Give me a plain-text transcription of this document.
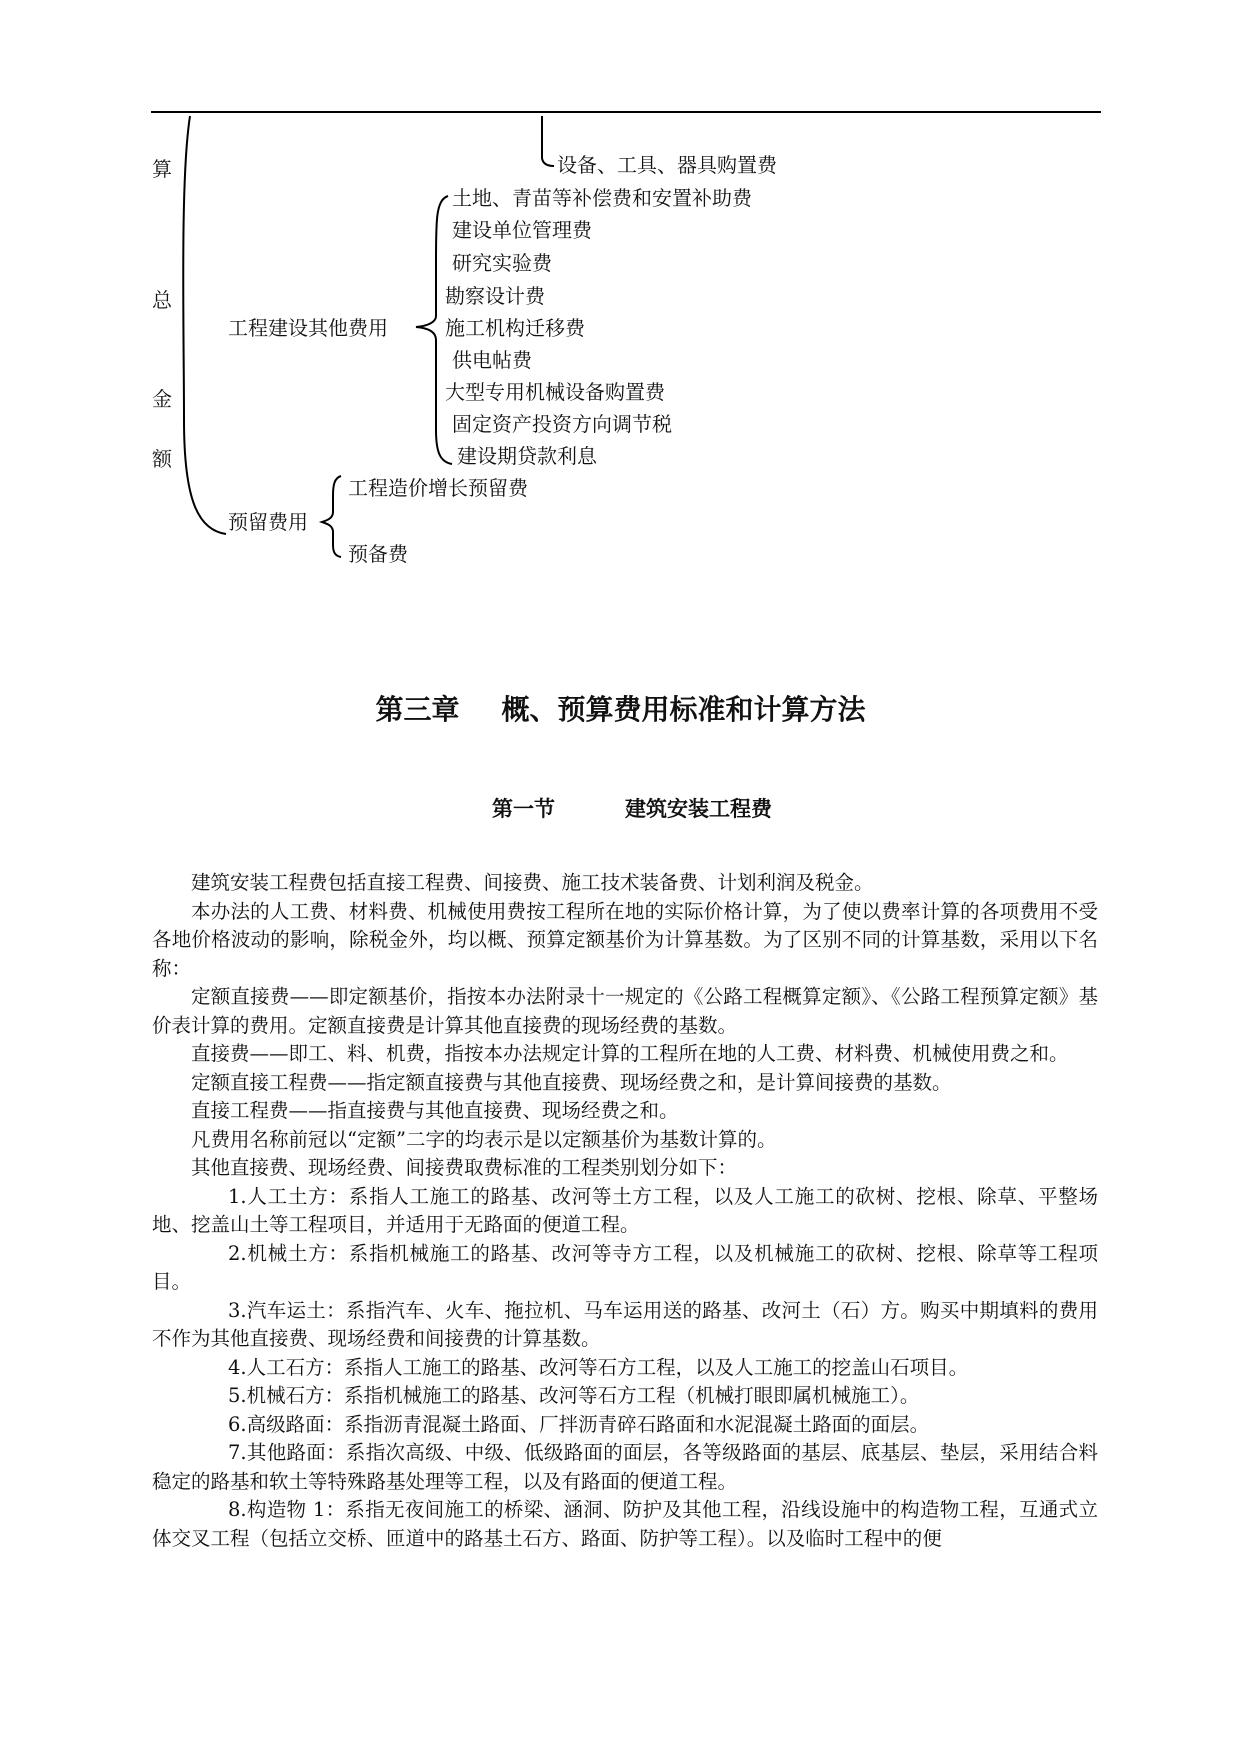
算
总
金
额
设备、工具、器具购置费
工程建设其他费用
土地、青苗等补偿费和安置补助费
建设单位管理费
研究实验费
勘察设计费
施工机构迁移费
供电帖费
大型专用机械设备购置费
固定资产投资方向调节税
建设期贷款利息
预留费用
工程造价增长预留费
预备费
第三章 概、预算费用标准和计算方法
第一节	建筑安装工程费

建筑安装工程费包括直接工程费、间接费、施工技术装备费、计划利润及税金。

本办法的人工费、材料费、机械使用费按工程所在地的实际价格计算，为了使以费率计算的各项费用不受各地价格波动的影响，除税金外，均以概、预算定额基价为计算基数。为了区别不同的计算基数，采用以下名称：

定额直接费——即定额基价，指按本办法附录十一规定的《公路工程概算定额》、《公路工程预算定额》基价表计算的费用。定额直接费是计算其他直接费的现场经费的基数。

直接费——即工、料、机费，指按本办法规定计算的工程所在地的人工费、材料费、机械使用费之和。

定额直接工程费——指定额直接费与其他直接费、现场经费之和，是计算间接费的基数。

直接工程费——指直接费与其他直接费、现场经费之和。

凡费用名称前冠以“定额”二字的均表示是以定额基价为基数计算的。

其他直接费、现场经费、间接费取费标准的工程类别划分如下：

1.人工土方：系指人工施工的路基、改河等土方工程，以及人工施工的砍树、挖根、除草、平整场地、挖盖山土等工程项目，并适用于无路面的便道工程。

2.机械土方：系指机械施工的路基、改河等寺方工程，以及机械施工的砍树、挖根、除草等工程项目。

3.汽车运土：系指汽车、火车、拖拉机、马车运用送的路基、改河土（石）方。购买中期填料的费用不作为其他直接费、现场经费和间接费的计算基数。

4.人工石方：系指人工施工的路基、改河等石方工程，以及人工施工的挖盖山石项目。

5.机械石方：系指机械施工的路基、改河等石方工程（机械打眼即属机械施工）。

6.高级路面：系指沥青混凝土路面、厂拌沥青碎石路面和水泥混凝土路面的面层。

7.其他路面：系指次高级、中级、低级路面的面层，各等级路面的基层、底基层、垫层，采用结合料稳定的路基和软土等特殊路基处理等工程，以及有路面的便道工程。

8.构造物 1：系指无夜间施工的桥梁、涵洞、防护及其他工程，沿线设施中的构造物工程，互通式立体交叉工程（包括立交桥、匝道中的路基土石方、路面、防护等工程）。以及临时工程中的便
